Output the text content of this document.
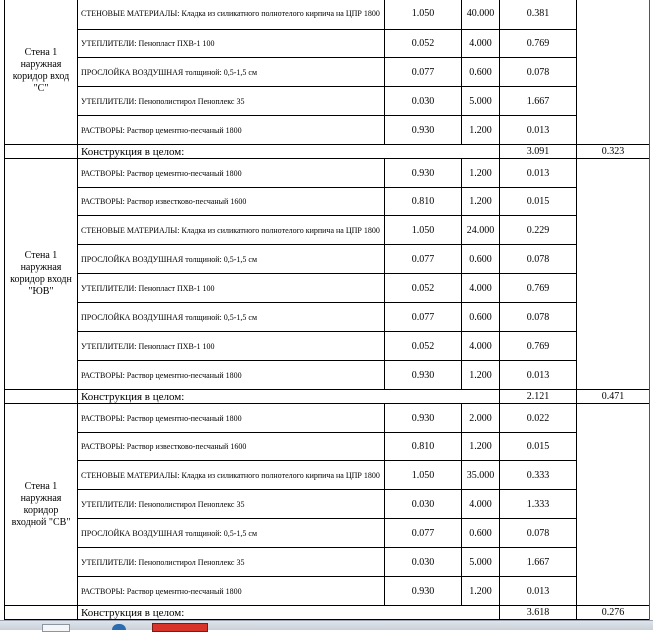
Стена 1 наружная коридор вход "С"	СТЕНОВЫЕ МАТЕРИАЛЫ: Кладка из силикатного полнотелого кирпича на ЦПР 1800	1.050	40.000	0.381	
	УТЕПЛИТЕЛИ: Пенопласт ПХВ-1 100	0.052	4.000	0.769	
	ПРОСЛОЙКА ВОЗДУШНАЯ толщиной: 0,5-1,5 см	0.077	0.600	0.078	
	УТЕПЛИТЕЛИ: Пенополистирол Пеноплекс 35	0.030	5.000	1.667	
	РАСТВОРЫ: Раствор цементно-песчаный 1800	0.930	1.200	0.013	
	Конструкция в целом:			3.091	0.323
Стена 1 наружная коридор входн "ЮВ"	РАСТВОРЫ: Раствор цементно-песчаный 1800	0.930	1.200	0.013	
	РАСТВОРЫ: Раствор известково-песчаный 1600	0.810	1.200	0.015	
	СТЕНОВЫЕ МАТЕРИАЛЫ: Кладка из силикатного полнотелого кирпича на ЦПР 1800	1.050	24.000	0.229	
	ПРОСЛОЙКА ВОЗДУШНАЯ толщиной: 0,5-1,5 см	0.077	0.600	0.078	
	УТЕПЛИТЕЛИ: Пенопласт ПХВ-1 100	0.052	4.000	0.769	
	ПРОСЛОЙКА ВОЗДУШНАЯ толщиной: 0,5-1,5 см	0.077	0.600	0.078	
	УТЕПЛИТЕЛИ: Пенопласт ПХВ-1 100	0.052	4.000	0.769	
	РАСТВОРЫ: Раствор цементно-песчаный 1800	0.930	1.200	0.013	
	Конструкция в целом:			2.121	0.471
Стена 1 наружная коридор входной "СВ"	РАСТВОРЫ: Раствор цементно-песчаный 1800	0.930	2.000	0.022	
	РАСТВОРЫ: Раствор известково-песчаный 1600	0.810	1.200	0.015	
	СТЕНОВЫЕ МАТЕРИАЛЫ: Кладка из силикатного полнотелого кирпича на ЦПР 1800	1.050	35.000	0.333	
	УТЕПЛИТЕЛИ: Пенополистирол Пеноплекс 35	0.030	4.000	1.333	
	ПРОСЛОЙКА ВОЗДУШНАЯ толщиной: 0,5-1,5 см	0.077	0.600	0.078	
	УТЕПЛИТЕЛИ: Пенополистирол Пеноплекс 35	0.030	5.000	1.667	
	РАСТВОРЫ: Раствор цементно-песчаный 1800	0.930	1.200	0.013	
	Конструкция в целом:			3.618	0.276
